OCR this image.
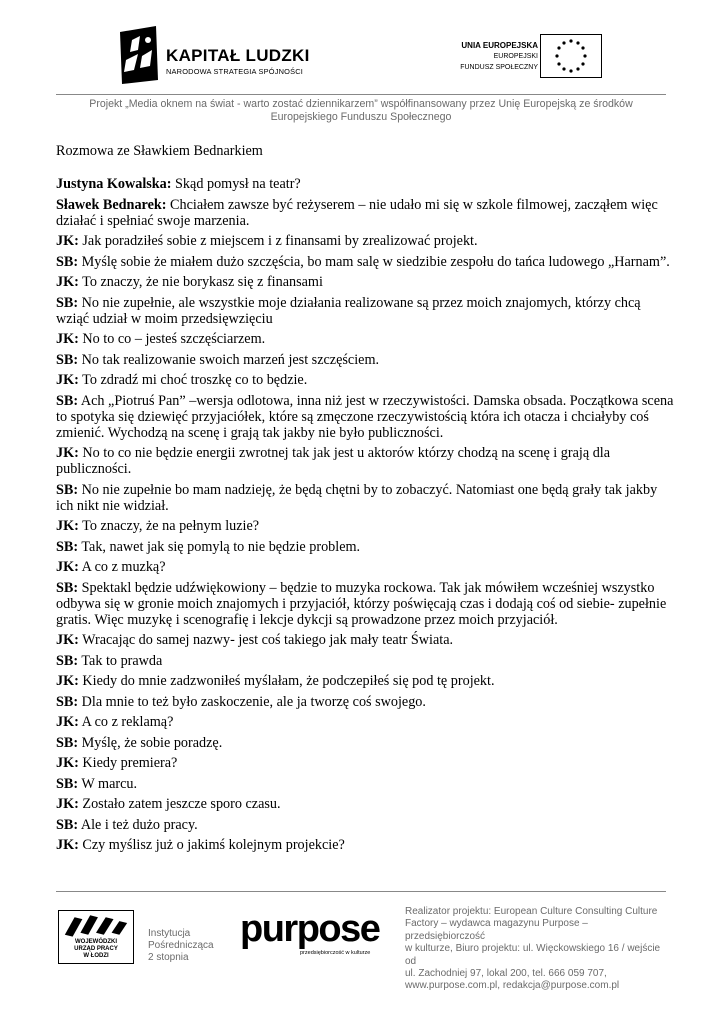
KAPITAŁ LUDZKI
NARODOWA STRATEGIA SPÓJNOŚCI
UNIA EUROPEJSKA
EUROPEJSKI
FUNDUSZ SPOŁECZNY
Projekt „Media oknem na świat - warto zostać dziennikarzem” współfinansowany przez Unię Europejską ze środków Europejskiego Funduszu Społecznego
Rozmowa ze Sławkiem Bednarkiem
Justyna Kowalska: Skąd pomysł na teatr?
Sławek Bednarek: Chciałem zawsze być reżyserem – nie udało mi się w szkole filmowej, zacząłem więc działać i spełniać swoje marzenia.
JK: Jak poradziłeś sobie z miejscem i z finansami by zrealizować projekt.
SB: Myślę sobie że miałem dużo szczęścia, bo mam salę w siedzibie zespołu do tańca ludowego „Harnam”.
JK: To znaczy, że nie borykasz się z finansami
SB: No nie zupełnie, ale wszystkie moje działania realizowane są przez moich znajomych, którzy chcą wziąć udział w moim przedsięwzięciu
JK: No to co – jesteś szczęściarzem.
SB: No tak realizowanie swoich marzeń jest szczęściem.
JK: To zdradź mi choć troszkę co to będzie.
SB: Ach „Piotruś Pan” –wersja odlotowa, inna niż jest w rzeczywistości. Damska obsada. Początkowa scena to spotyka się dziewięć przyjaciółek, które są zmęczone rzeczywistością która ich otacza i chciałyby coś zmienić. Wychodzą na scenę i grają tak jakby nie było publiczności.
JK: No to co nie będzie energii zwrotnej tak jak jest u aktorów którzy chodzą na scenę i grają dla publiczności.
SB: No nie zupełnie bo mam nadzieję, że będą chętni by to zobaczyć. Natomiast one będą grały tak jakby ich nikt nie widział.
JK: To znaczy, że na pełnym luzie?
SB: Tak, nawet jak się pomylą to nie będzie problem.
JK: A co z muzką?
SB: Spektakl będzie udźwiękowiony – będzie to muzyka rockowa. Tak jak mówiłem wcześniej wszystko odbywa się w gronie moich znajomych i przyjaciół, którzy poświęcają czas i dodają coś od siebie- zupełnie gratis. Więc muzykę i scenografię i lekcje dykcji są prowadzone przez moich przyjaciół.
JK: Wracając do samej nazwy- jest coś takiego jak mały teatr Świata.
SB: Tak to prawda
JK: Kiedy do mnie zadzwoniłeś myślałam, że podczepiłeś się pod tę projekt.
SB: Dla mnie to też było zaskoczenie, ale ja tworzę coś swojego.
JK: A co z reklamą?
SB: Myślę, że sobie poradzę.
JK: Kiedy premiera?
SB: W marcu.
JK: Zostało zatem jeszcze sporo czasu.
SB: Ale i też dużo pracy.
JK: Czy myślisz już o jakimś kolejnym projekcie?
WOJEWÓDZKI
URZĄD PRACY
W ŁODZI
Instytucja
Pośrednicząca
2 stopnia
purpose
przedsiębiorczość w kulturze
Realizator projektu: European Culture Consulting Culture
Factory – wydawca magazynu Purpose – przedsiębiorczość
w kulturze, Biuro projektu: ul. Więckowskiego 16 / wejście od
ul. Zachodniej 97, lokal 200, tel. 666 059 707,
www.purpose.com.pl, redakcja@purpose.com.pl
